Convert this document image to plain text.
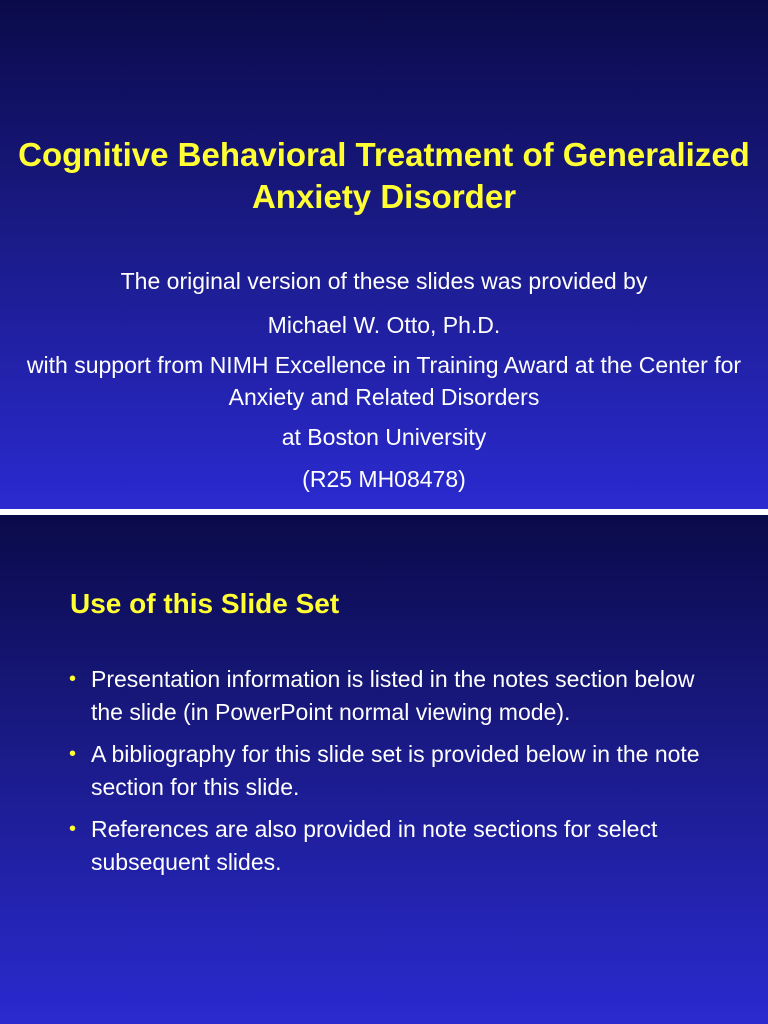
Cognitive Behavioral Treatment of Generalized Anxiety Disorder

The original version of these slides was provided by

Michael W. Otto, Ph.D.

with support from NIMH Excellence in Training Award at the Center for Anxiety and Related Disorders

at Boston University

(R25 MH08478)

Use of this Slide Set
• Presentation information is listed in the notes section below the slide (in PowerPoint normal viewing mode).
• A bibliography for this slide set is provided below in the note section for this slide.
• References are also provided in note sections for select subsequent slides.
